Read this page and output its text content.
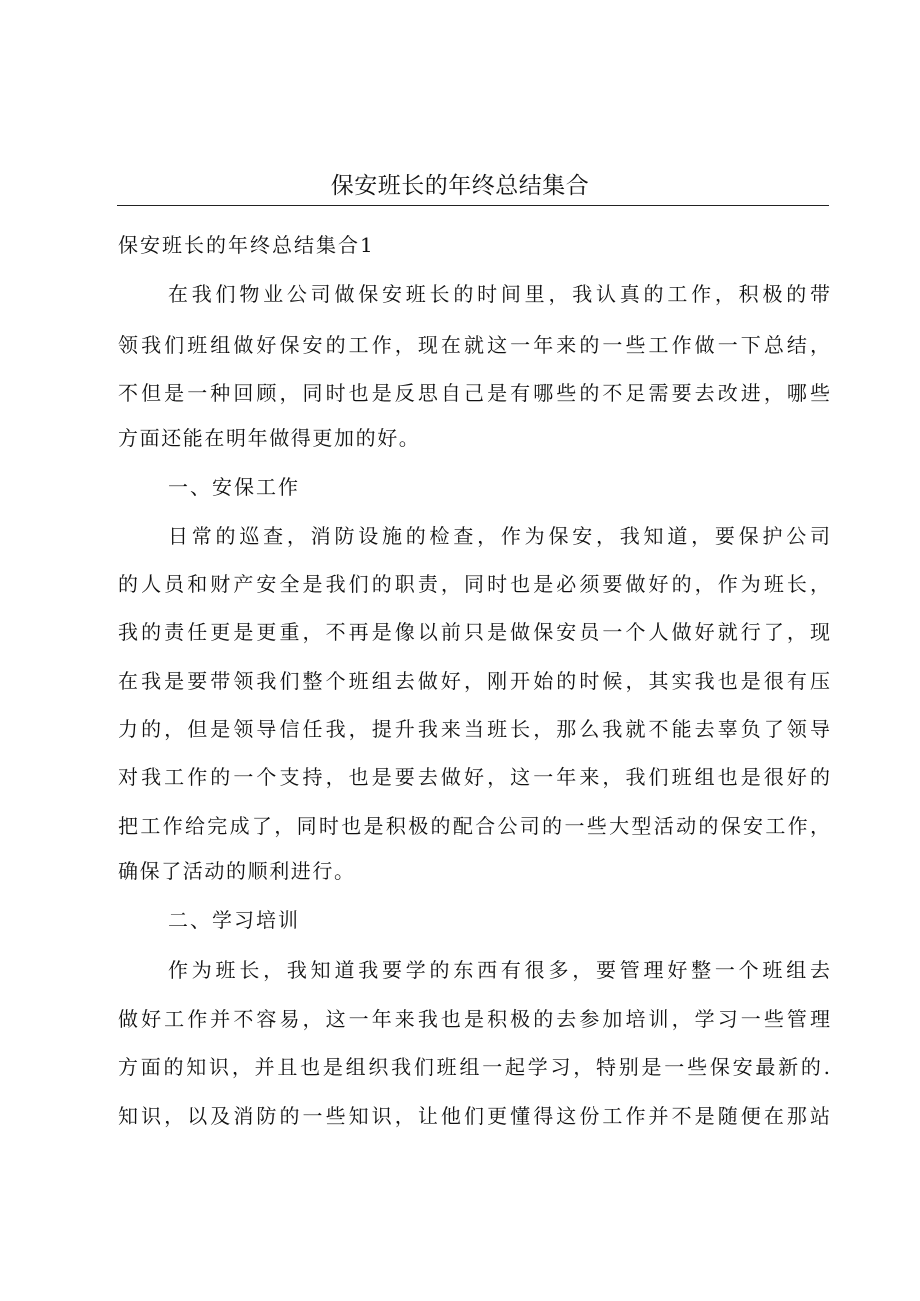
保安班长的年终总结集合
保安班长的年终总结集合1
在我们物业公司做保安班长的时间里，我认真的工作，积极的带
领我们班组做好保安的工作，现在就这一年来的一些工作做一下总结，
不但是一种回顾，同时也是反思自己是有哪些的不足需要去改进，哪些
方面还能在明年做得更加的好。
一、安保工作
日常的巡查，消防设施的检查，作为保安，我知道，要保护公司
的人员和财产安全是我们的职责，同时也是必须要做好的，作为班长，
我的责任更是更重，不再是像以前只是做保安员一个人做好就行了，现
在我是要带领我们整个班组去做好，刚开始的时候，其实我也是很有压
力的，但是领导信任我，提升我来当班长，那么我就不能去辜负了领导
对我工作的一个支持，也是要去做好，这一年来，我们班组也是很好的
把工作给完成了，同时也是积极的配合公司的一些大型活动的保安工作，
确保了活动的顺利进行。
二、学习培训
作为班长，我知道我要学的东西有很多，要管理好整一个班组去
做好工作并不容易，这一年来我也是积极的去参加培训，学习一些管理
方面的知识，并且也是组织我们班组一起学习，特别是一些保安最新的.
知识，以及消防的一些知识，让他们更懂得这份工作并不是随便在那站
